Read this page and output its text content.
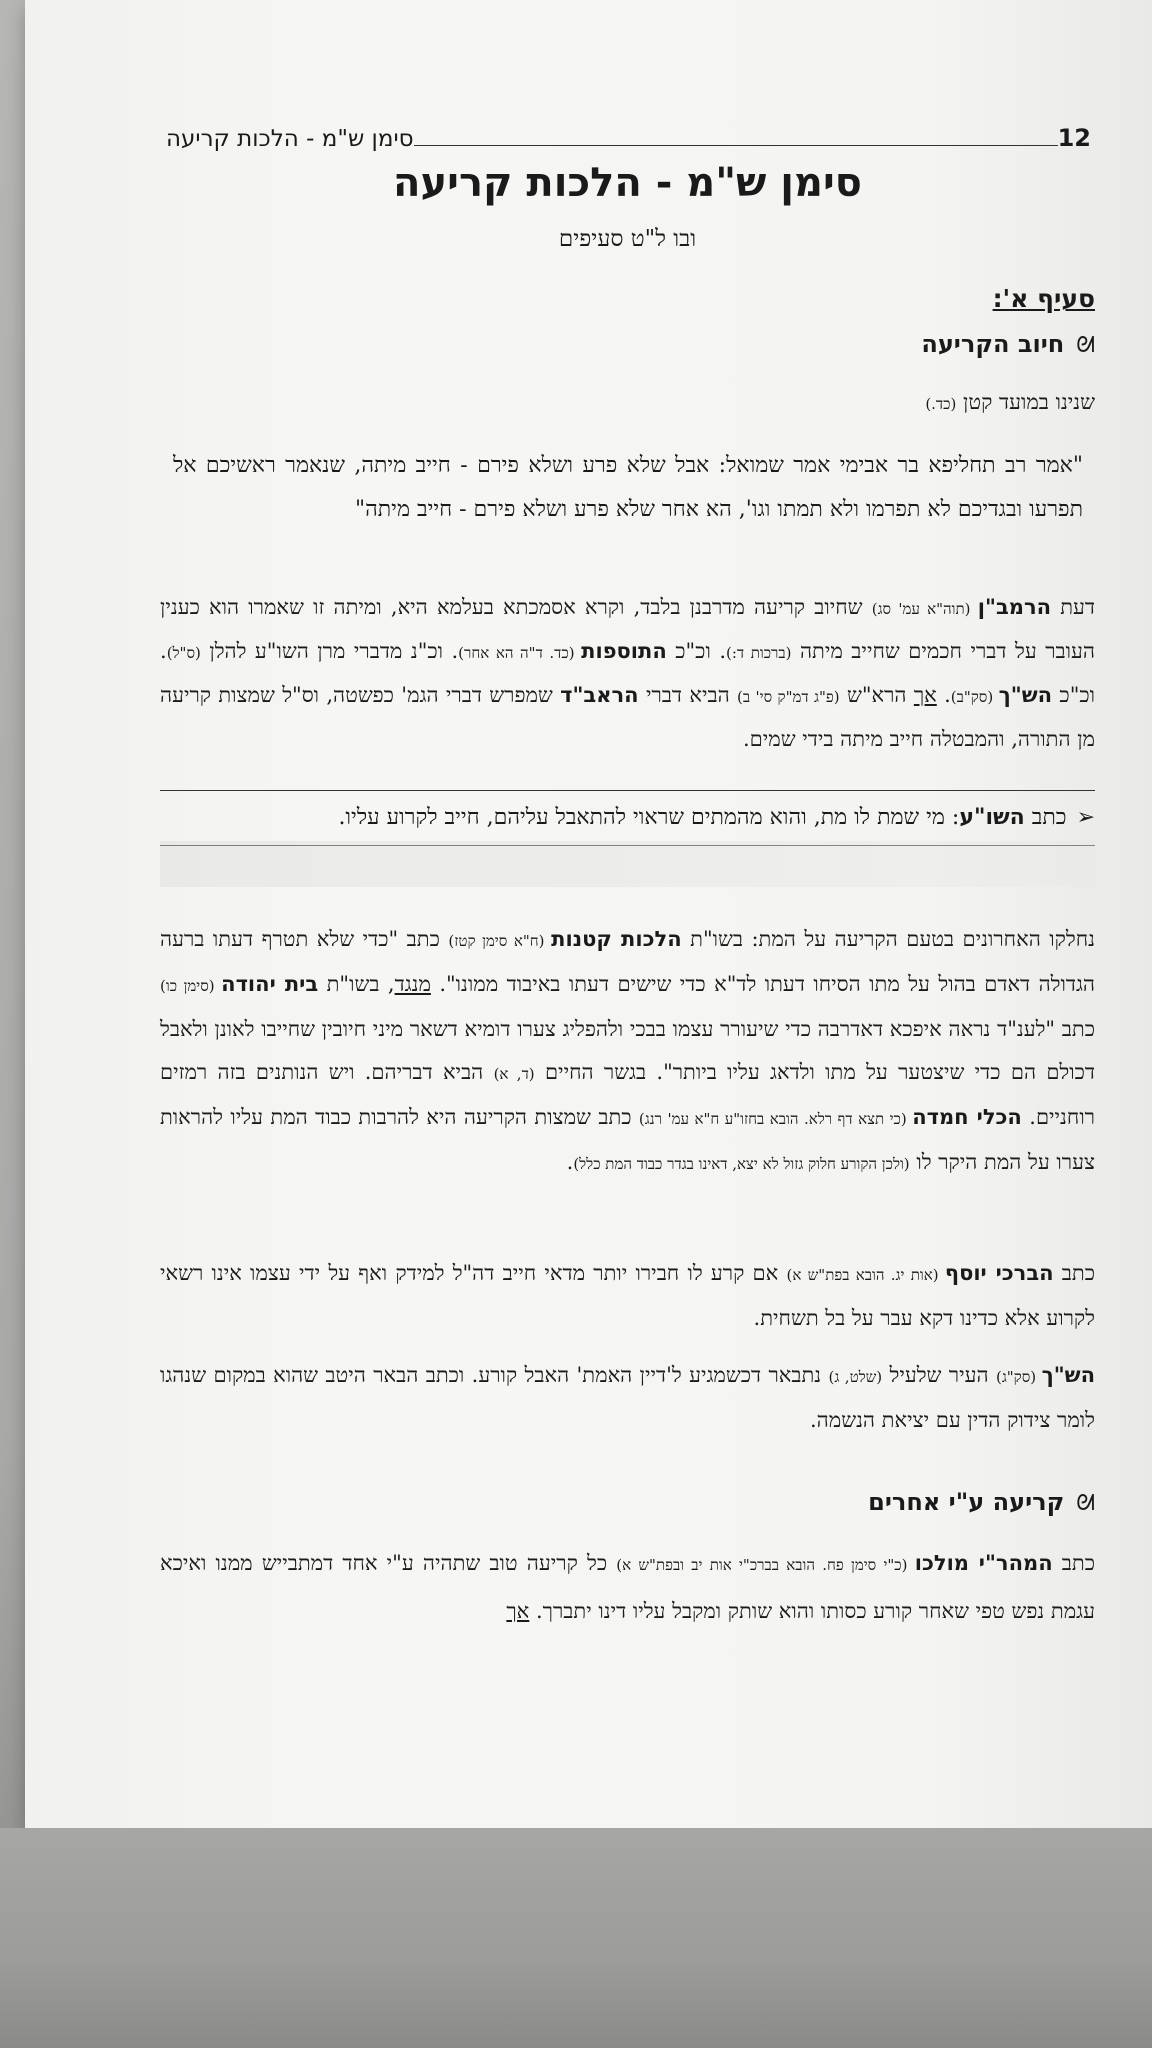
12
סימן ש"מ - הלכות קריעה
סימן ש"מ - הלכות קריעה
ובו ל"ט סעיפים
סעיף א':
ᘛחיוב הקריעה
שנינו במועד קטן (כד.)
"אמר רב תחליפא בר אבימי אמר שמואל: אבל שלא פרע ושלא פירם - חייב מיתה, שנאמר ראשיכם אל תפרעו ובגדיכם לא תפרמו ולא תמתו וגו', הא אחר שלא פרע ושלא פירם - חייב מיתה"
דעת הרמב"ן (תוה"א עמ' סג) שחיוב קריעה מדרבנן בלבד, וקרא אסמכתא בעלמא היא, ומיתה זו שאמרו הוא כענין העובר על דברי חכמים שחייב מיתה (ברכות ד:). וכ"כ התוספות (כד. ד"ה הא אחר). וכ"נ מדברי מרן השו"ע להלן (ס"ל). וכ"כ הש"ך (סק"ב). אך הרא"ש (פ"ג דמ"ק סי' ב) הביא דברי הראב"ד שמפרש דברי הגמ' כפשטה, וס"ל שמצות קריעה מן התורה, והמבטלה חייב מיתה בידי שמים.
➢כתב השו"ע: מי שמת לו מת, והוא מהמתים שראוי להתאבל עליהם, חייב לקרוע עליו.
נחלקו האחרונים בטעם הקריעה על המת: בשו"ת הלכות קטנות (ח"א סימן קטז) כתב "כדי שלא תטרף דעתו ברעה הגדולה דאדם בהול על מתו הסיחו דעתו לד"א כדי שישים דעתו באיבוד ממונו". מנגד, בשו"ת בית יהודה (סימן כו) כתב "לענ"ד נראה איפכא דאדרבה כדי שיעורר עצמו בבכי ולהפליג צערו דומיא דשאר מיני חיובין שחייבו לאונן ולאבל דכולם הם כדי שיצטער על מתו ולדאג עליו ביותר". בגשר החיים (ד, א) הביא דבריהם. ויש הנותנים בזה רמזים רוחניים. הכלי חמדה (כי תצא דף רלא. הובא בחזו"ע ח"א עמ' רנג) כתב שמצות הקריעה היא להרבות כבוד המת עליו להראות צערו על המת היקר לו (ולכן הקורע חלוק גזול לא יצא, דאינו בגדר כבוד המת כלל).
כתב הברכי יוסף (אות יג. הובא בפת"ש א) אם קרע לו חבירו יותר מדאי חייב דה"ל למידק ואף על ידי עצמו אינו רשאי לקרוע אלא כדינו דקא עבר על בל תשחית.
הש"ך (סק"ג) העיר שלעיל (שלט, ג) נתבאר דכשמגיע ל'דיין האמת' האבל קורע. וכתב הבאר היטב שהוא במקום שנהגו לומר צידוק הדין עם יציאת הנשמה.
ᘛקריעה ע"י אחרים
כתב המהר"י מולכו (כ"י סימן פח. הובא בברכ"י אות יב ובפת"ש א) כל קריעה טוב שתהיה ע"י אחד דמתבייש ממנו ואיכא עגמת נפש טפי שאחר קורע כסותו והוא שותק ומקבל עליו דינו יתברך. אך
